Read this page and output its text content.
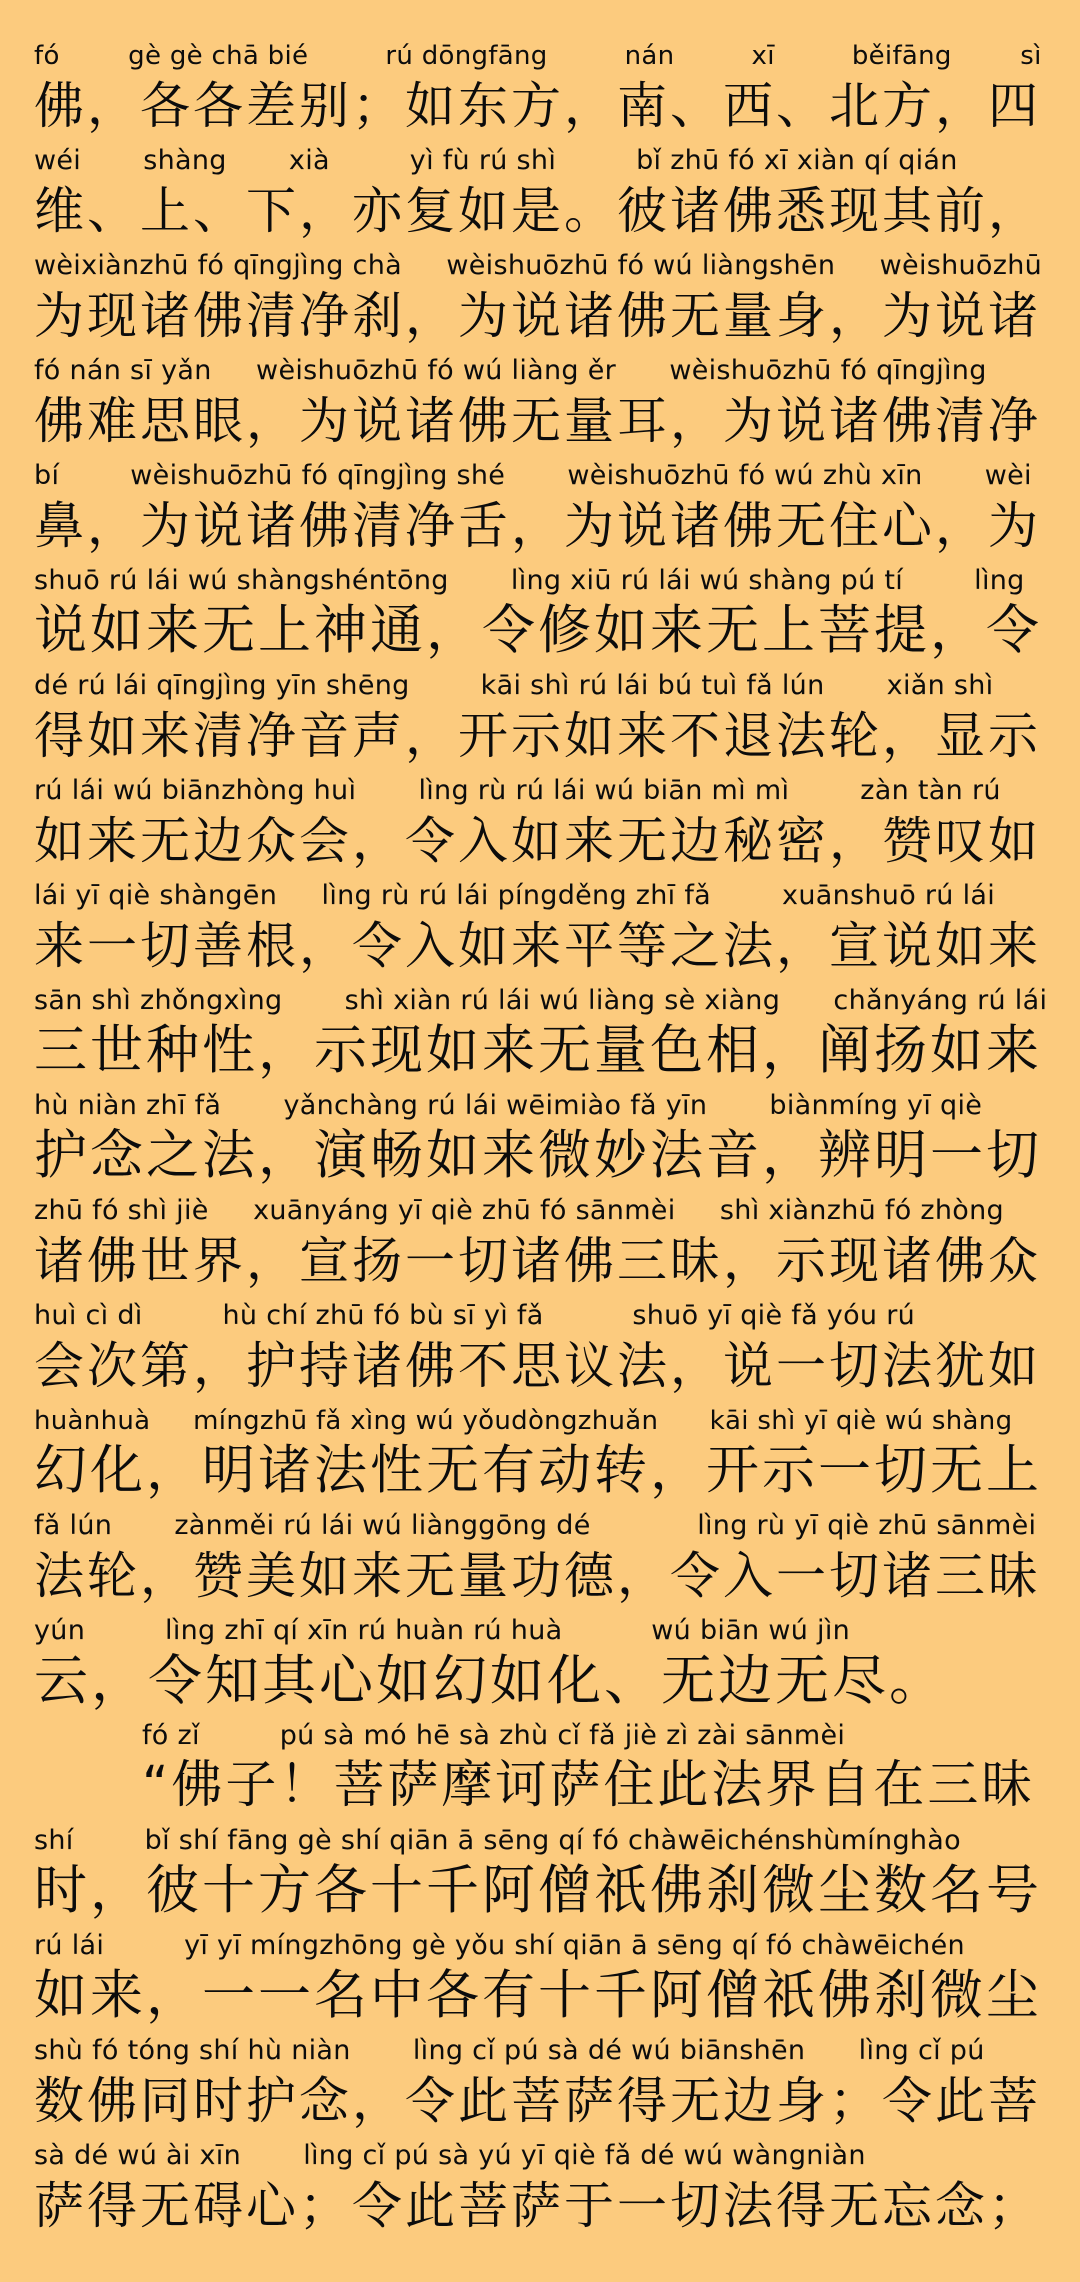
fó        gè gè chā bié         rú dōngfāng         nán         xī         běifāng        sì
佛，各各差别；如东方，南、西、北方，四
wéi       shàng       xià         yì fù rú shì         bǐ zhū fó xī xiàn qí qián
维、上、下，亦复如是。彼诸佛悉现其前，
wèixiànzhū fó qīngjìng chà     wèishuōzhū fó wú liàngshēn     wèishuōzhū
为现诸佛清净刹，为说诸佛无量身，为说诸
fó nán sī yǎn     wèishuōzhū fó wú liàng ěr      wèishuōzhū fó qīngjìng
佛难思眼，为说诸佛无量耳，为说诸佛清净
bí        wèishuōzhū fó qīngjìng shé       wèishuōzhū fó wú zhù xīn       wèi
鼻，为说诸佛清净舌，为说诸佛无住心，为
shuō rú lái wú shàngshéntōng       lìng xiū rú lái wú shàng pú tí        lìng
说如来无上神通，令修如来无上菩提，令
dé rú lái qīngjìng yīn shēng        kāi shì rú lái bú tuì fǎ lún       xiǎn shì
得如来清净音声，开示如来不退法轮，显示
rú lái wú biānzhòng huì       lìng rù rú lái wú biān mì mì        zàn tàn rú
如来无边众会，令入如来无边秘密，赞叹如
lái yī qiè shàngēn     lìng rù rú lái píngděng zhī fǎ        xuānshuō rú lái
来一切善根，令入如来平等之法，宣说如来
sān shì zhǒngxìng       shì xiàn rú lái wú liàng sè xiàng      chǎnyáng rú lái
三世种性，示现如来无量色相，阐扬如来
hù niàn zhī fǎ       yǎnchàng rú lái wēimiào fǎ yīn       biànmíng yī qiè
护念之法，演畅如来微妙法音，辨明一切
zhū fó shì jiè     xuānyáng yī qiè zhū fó sānmèi     shì xiànzhū fó zhòng
诸佛世界，宣扬一切诸佛三昧，示现诸佛众
huì cì dì         hù chí zhū fó bù sī yì fǎ          shuō yī qiè fǎ yóu rú
会次第，护持诸佛不思议法，说一切法犹如
huànhuà     míngzhū fǎ xìng wú yǒudòngzhuǎn      kāi shì yī qiè wú shàng
幻化，明诸法性无有动转，开示一切无上
fǎ lún       zànměi rú lái wú liànggōng dé            lìng rù yī qiè zhū sānmèi
法轮，赞美如来无量功德，令入一切诸三昧
yún         lìng zhī qí xīn rú huàn rú huà          wú biān wú jìn
云，令知其心如幻如化、无边无尽。
fó zǐ         pú sà mó hē sà zhù cǐ fǎ jiè zì zài sānmèi
“佛子！菩萨摩诃萨住此法界自在三昧
shí        bǐ shí fāng gè shí qiān ā sēng qí fó chàwēichénshùmínghào
时，彼十方各十千阿僧祇佛刹微尘数名号
rú lái         yī yī míngzhōng gè yǒu shí qiān ā sēng qí fó chàwēichén
如来，一一名中各有十千阿僧祇佛刹微尘
shù fó tóng shí hù niàn       lìng cǐ pú sà dé wú biānshēn      lìng cǐ pú
数佛同时护念，令此菩萨得无边身；令此菩
sà dé wú ài xīn       lìng cǐ pú sà yú yī qiè fǎ dé wú wàngniàn
萨得无碍心；令此菩萨于一切法得无忘念；
